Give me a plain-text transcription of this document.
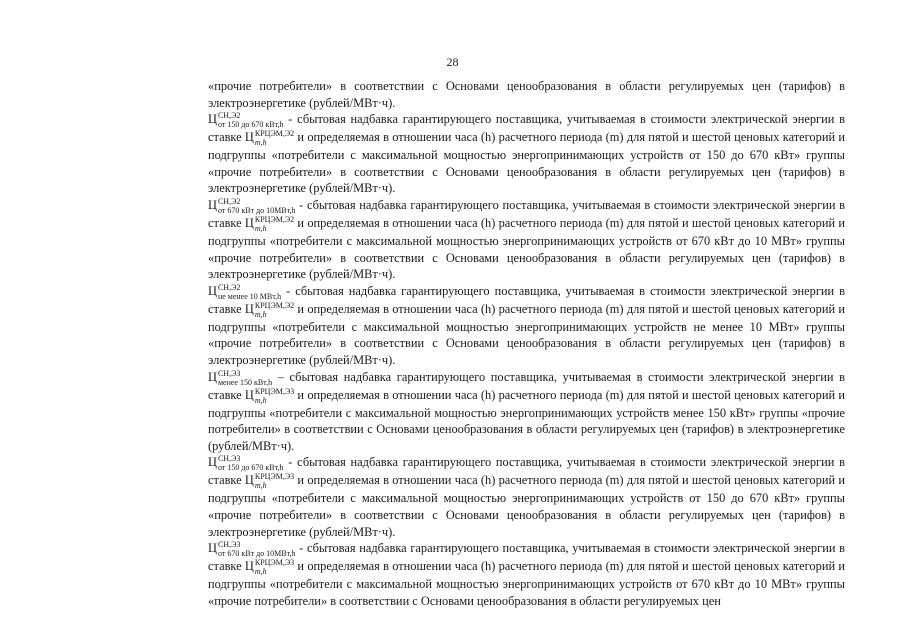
28

«прочие потребители» в соответствии с Основами ценообразования в области регулируемых цен (тарифов) в электроэнергетике (рублей/МВт·ч).

Ц СН,Э2
от 150 до 670 кВт,h - сбытовая надбавка гарантирующего поставщика, учитываемая в стоимости электрической энергии в ставке Ц КРЦЭМ,Э2
m,h	и определяемая в отношении часа (h) расчетного периода (m) для пятой и шестой ценовых категорий и подгруппы «потребители с максимальной мощностью энергопринимающих устройств от 150 до 670 кВт» группы «прочие потребители» в соответствии с Основами ценообразования в области регулируемых цен (тарифов) в электроэнергетике (рублей/МВт·ч).

Ц СН,Э2
от 670 кВт до 10МВт,h - сбытовая надбавка гарантирующего поставщика, учитываемая в стоимости электрической энергии в ставке Ц КРЦЭМ,Э2
m,h	и определяемая в отношении часа (h) расчетного периода (m) для пятой и шестой ценовых категорий и подгруппы «потребители с максимальной мощностью энергопринимающих устройств от 670 кВт до 10 МВт» группы «прочие потребители» в соответствии с Основами ценообразования в области регулируемых цен (тарифов) в электроэнергетике (рублей/МВт·ч).

Ц СН,Э2
не менее 10 МВт,h - сбытовая надбавка гарантирующего поставщика, учитываемая в стоимости электрической энергии в ставке Ц КРЦЭМ,Э2
m,h	и определяемая в отношении часа (h) расчетного периода (m) для пятой и шестой ценовых категорий и подгруппы «потребители с максимальной мощностью энергопринимающих устройств не менее 10 МВт» группы «прочие потребители» в соответствии с Основами ценообразования в области регулируемых цен (тарифов) в электроэнергетике (рублей/МВт·ч).

Ц СН,Э3
менее 150 кВт,h – сбытовая надбавка гарантирующего поставщика, учитываемая в стоимости электрической энергии в ставке Ц КРЦЭМ,Э3
m,h	и определяемая в отношении часа (h) расчетного периода (m) для пятой и шестой ценовых категорий и подгруппы «потребители с максимальной мощностью энергопринимающих устройств менее 150 кВт» группы «прочие потребители» в соответствии с Основами ценообразования в области регулируемых цен (тарифов) в электроэнергетике (рублей/МВт·ч).

Ц СН,Э3
от 150 до 670 кВт,h - сбытовая надбавка гарантирующего поставщика, учитываемая в стоимости электрической энергии в ставке Ц КРЦЭМ,Э3
m,h	и определяемая в отношении часа (h) расчетного периода (m) для пятой и шестой ценовых категорий и подгруппы «потребители с максимальной мощностью энергопринимающих устройств от 150 до 670 кВт» группы «прочие потребители» в соответствии с Основами ценообразования в области регулируемых цен (тарифов) в электроэнергетике (рублей/МВт·ч).

Ц СН,Э3
от 670 кВт до 10МВт,h - сбытовая надбавка гарантирующего поставщика, учитываемая в стоимости электрической энергии в ставке Ц КРЦЭМ,Э3
m,h	и определяемая в отношении часа (h) расчетного периода (m) для пятой и шестой ценовых категорий и подгруппы «потребители с максимальной мощностью энергопринимающих устройств от 670 кВт до 10 МВт» группы «прочие потребители» в соответствии с Основами ценообразования в области регулируемых цен
